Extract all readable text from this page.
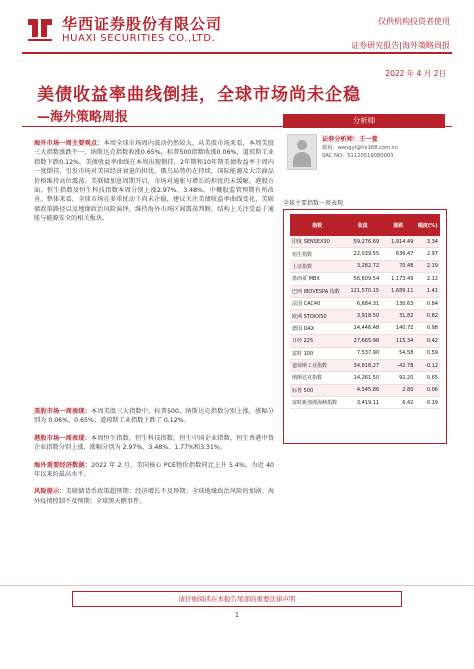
华西证券股份有限公司
HUAXI SECURITIES CO.,LTD.
仅供机构投资者使用
证券研究报告|海外策略周报
2022 年 4 月 2日
美债收益率曲线倒挂，全球市场尚未企稳
—海外策略周报

海外市场一周主要观点：本周全球市场周内波动仍然较大，从美股市场来看，本周美股三大指数涨跌不一，纳斯达克指数收涨0.65%，标普500指数收涨0.06%，道琼斯工业指数下跌0.12%。美债收益率曲线在本周出现倒挂，2年期和10年期美债收益率于周内一度倒挂，引发市场对美国经济衰退的担忧。俄乌局势仍在持续，国际能源及大宗商品价格维持高位震荡。美联储加息周期开启，市场对通胀与增长的担忧仍未缓解。港股方面，恒生指数及恒生科技指数本周分别上涨2.97%、3.48%，中概股监管预期有所改善。整体来看，全球市场在多重扰动下尚未企稳，建议关注美债收益率曲线变化、美联储政策路径以及地缘政治风险演绎，维持海外市场区间震荡判断，结构上关注受益于通胀与能源安全的相关板块。

美股市场一周表现：本周美股三大指数中，标普500、纳斯达克指数分别上涨，涨幅分别为 0.06%、0.65%；道琼斯工业指数下跌了 0.12%。

港股市场一周表现：本周恒生指数、恒生科技指数、恒生中国企业指数、恒生香港中资企业指数分别上涨，涨幅分别为 2.97%、3.48%、1.77%和3.31%。

海外重要经济数据：2022 年 2 月，美国核心 PCE物价指数同比上升 5.4%，为近 40 年以来的最高水平。

风险提示：美联储货币政策超预期；经济增长不及预期；全球地缘政治风险的加剧；海外疫情控制不及预期；全球黑天鹅事件。

分析师
证券分析师：王一萱
邮箱：wangyi@hx168.com.cn
SAC NO：S1120519080003
全球主要指数一周表现
指数	收盘	涨跌	幅度(%)
印度 SENSEX30	59,276.69	1,914.49	3.34
恒生指数	22,039.55	636.47	2.97
上证指数	3,282.72	70.48	2.19
墨西哥 MBX	56,609.54	1,173.49	2.12
巴西 IBOVESPA 指数	121,570.15	1,689.11	1.41
法国 CAC40	6,684.31	130.63	0.84
欧洲 STOXX50	3,918.50	31.82	0.82
德国 DAX	14,446.48	140.72	0.98
日经 225	27,665.98	115.34	0.42
富时 100	7,537.90	54.58	0.59
道琼斯工业指数	34,818.27	-42.78	-0.12
纳斯达克指数	14,261.50	92.20	0.65
标普 500	4,545.86	2.80	0.06
富时新加坡海峡指数	3,419.11	6.42	0.19
请仔细阅读在本报告尾部的重要法律声明
1
